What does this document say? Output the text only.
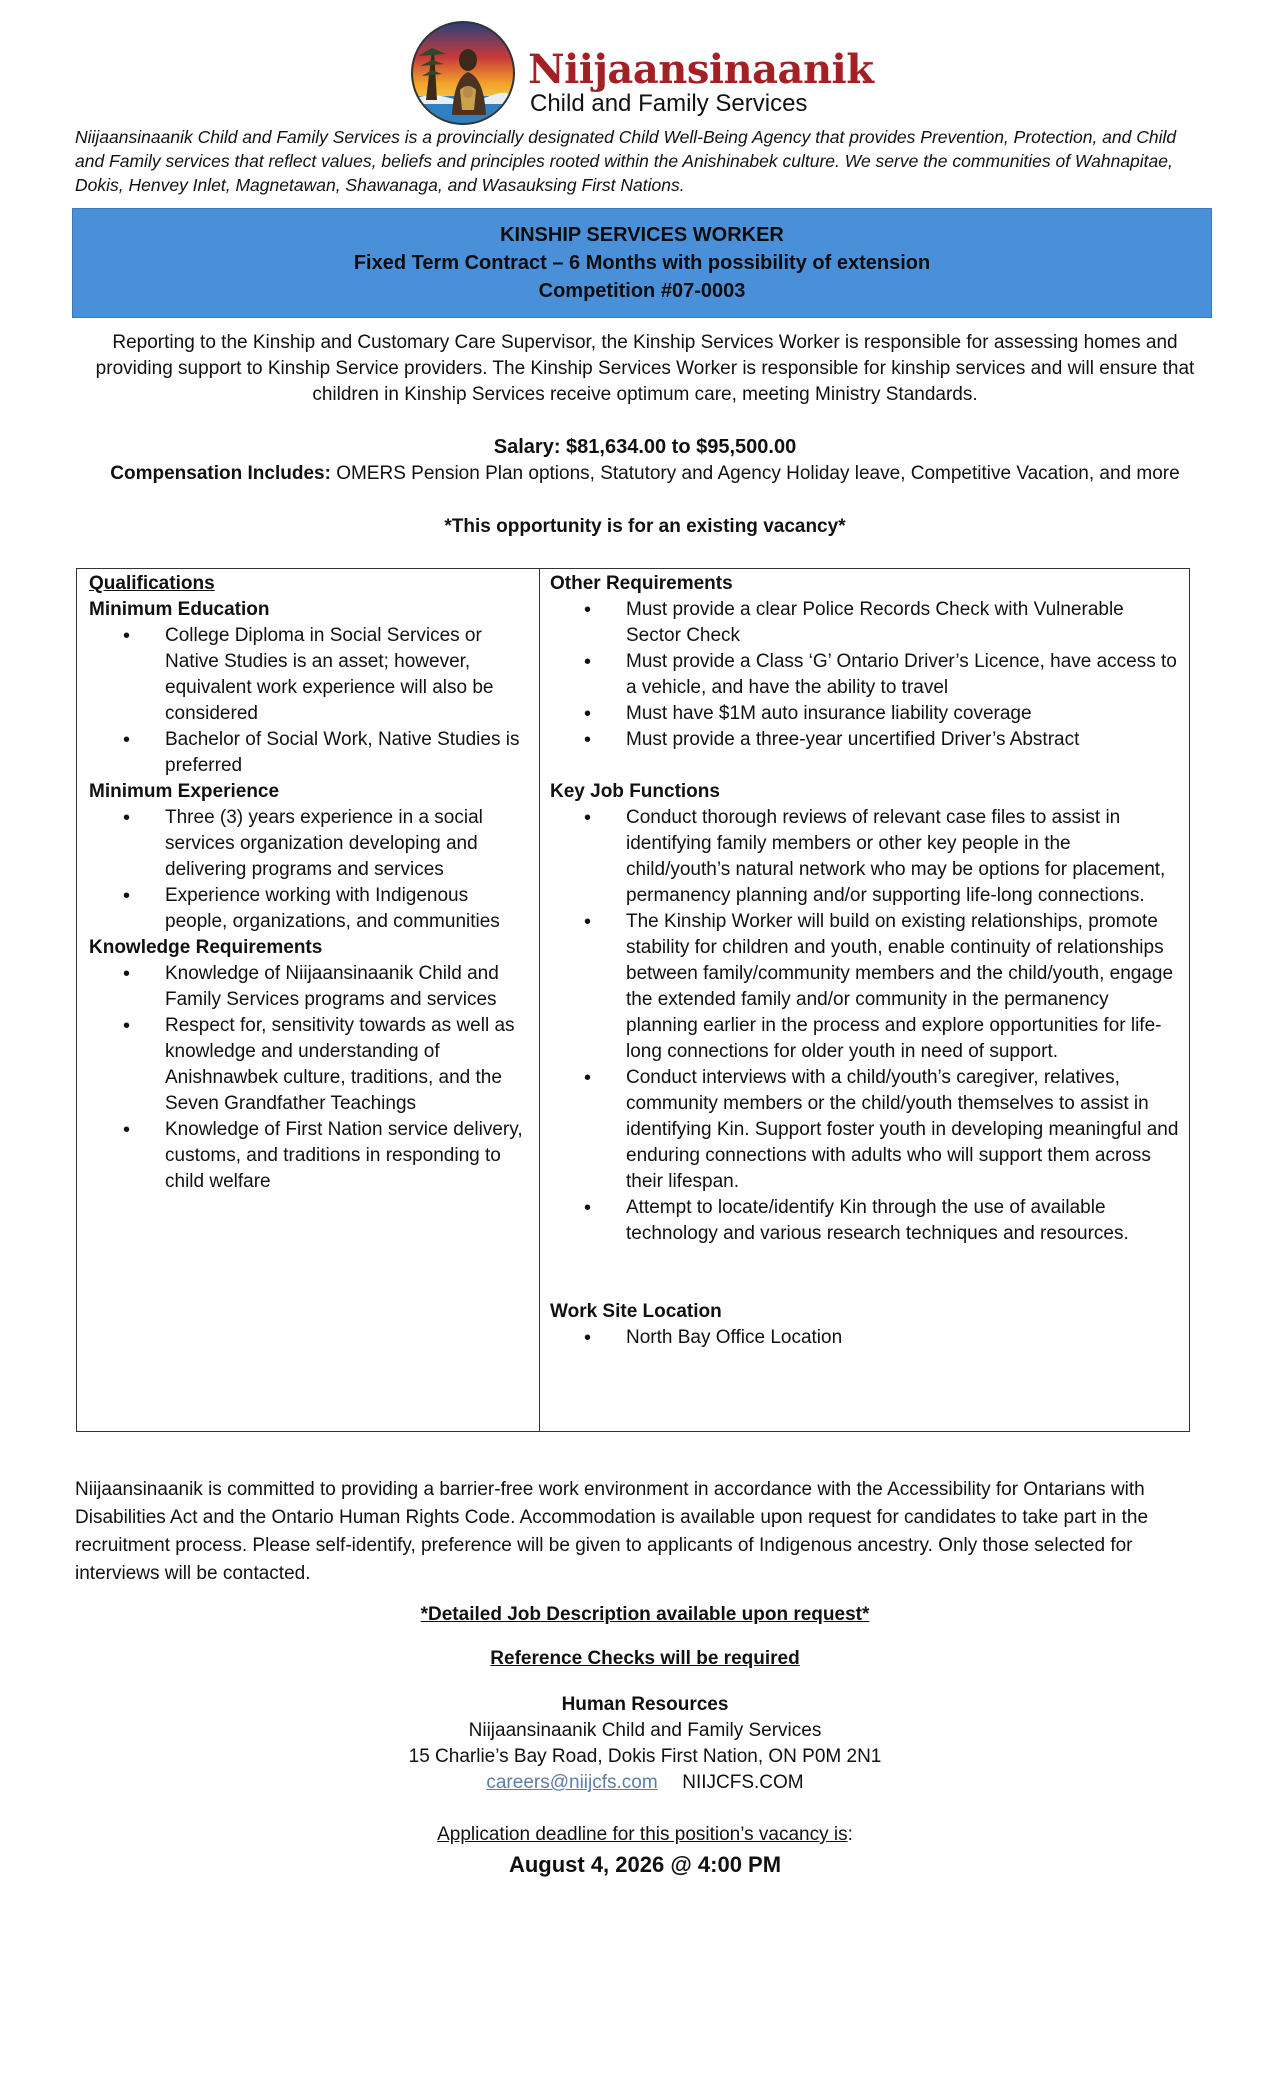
Niijaansinaanik
Child and Family Services

Niijaansinaanik Child and Family Services is a provincially designated Child Well-Being Agency that provides Prevention, Protection, and Child and Family services that reflect values, beliefs and principles rooted within the Anishinabek culture. We serve the communities of Wahnapitae, Dokis, Henvey Inlet, Magnetawan, Shawanaga, and Wasauksing First Nations.

KINSHIP SERVICES WORKER
Fixed Term Contract – 6 Months with possibility of extension
Competition #07-0003

Reporting to the Kinship and Customary Care Supervisor, the Kinship Services Worker is responsible for assessing homes and providing support to Kinship Service providers. The Kinship Services Worker is responsible for kinship services and will ensure that children in Kinship Services receive optimum care, meeting Ministry Standards.

Salary: $81,634.00 to $95,500.00
Compensation Includes: OMERS Pension Plan options, Statutory and Agency Holiday leave, Competitive Vacation, and more
*This opportunity is for an existing vacancy*
Qualifications
Minimum Education
• College Diploma in Social Services or Native Studies is an asset; however, equivalent work experience will also be considered
• Bachelor of Social Work, Native Studies is preferred
Minimum Experience
• Three (3) years experience in a social services organization developing and delivering programs and services
• Experience working with Indigenous people, organizations, and communities
Knowledge Requirements
• Knowledge of Niijaansinaanik Child and Family Services programs and services
• Respect for, sensitivity towards as well as knowledge and understanding of Anishnawbek culture, traditions, and the Seven Grandfather Teachings
• Knowledge of First Nation service delivery, customs, and traditions in responding to child welfare
Other Requirements
• Must provide a clear Police Records Check with Vulnerable Sector Check
• Must provide a Class ‘G’ Ontario Driver’s Licence, have access to a vehicle, and have the ability to travel
• Must have $1M auto insurance liability coverage
• Must provide a three-year uncertified Driver’s Abstract
Key Job Functions
• Conduct thorough reviews of relevant case files to assist in identifying family members or other key people in the child/youth’s natural network who may be options for placement, permanency planning and/or supporting life-long connections.
• The Kinship Worker will build on existing relationships, promote stability for children and youth, enable continuity of relationships between family/community members and the child/youth, engage the extended family and/or community in the permanency planning earlier in the process and explore opportunities for life-long connections for older youth in need of support.
• Conduct interviews with a child/youth’s caregiver, relatives, community members or the child/youth themselves to assist in identifying Kin. Support foster youth in developing meaningful and enduring connections with adults who will support them across their lifespan.
• Attempt to locate/identify Kin through the use of available technology and various research techniques and resources.
Work Site Location
• North Bay Office Location

Niijaansinaanik is committed to providing a barrier-free work environment in accordance with the Accessibility for Ontarians with Disabilities Act and the Ontario Human Rights Code. Accommodation is available upon request for candidates to take part in the recruitment process. Please self-identify, preference will be given to applicants of Indigenous ancestry. Only those selected for interviews will be contacted.

*Detailed Job Description available upon request*
Reference Checks will be required
Human Resources
Niijaansinaanik Child and Family Services
15 Charlie’s Bay Road, Dokis First Nation, ON P0M 2N1
careers@niijcfs.com NIIJCFS.COM
Application deadline for this position’s vacancy is:
August 4, 2026 @ 4:00 PM
